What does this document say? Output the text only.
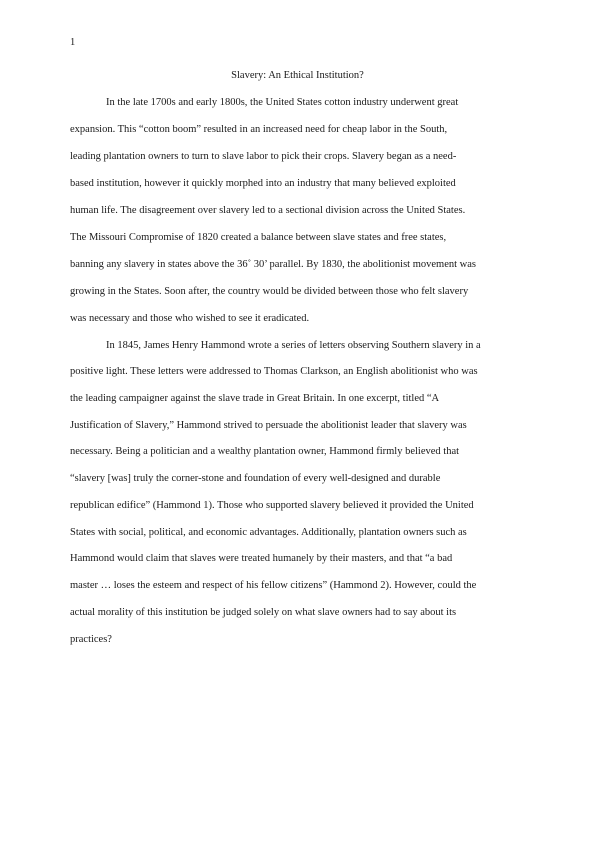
1
Slavery: An Ethical Institution?
In the late 1700s and early 1800s, the United States cotton industry underwent great
expansion. This “cotton boom” resulted in an increased need for cheap labor in the South,
leading plantation owners to turn to slave labor to pick their crops. Slavery began as a need-
based institution, however it quickly morphed into an industry that many believed exploited
human life. The disagreement over slavery led to a sectional division across the United States.
The Missouri Compromise of 1820 created a balance between slave states and free states,
banning any slavery in states above the 36˚ 30’ parallel. By 1830, the abolitionist movement was
growing in the States. Soon after, the country would be divided between those who felt slavery
was necessary and those who wished to see it eradicated.
In 1845, James Henry Hammond wrote a series of letters observing Southern slavery in a
positive light. These letters were addressed to Thomas Clarkson, an English abolitionist who was
the leading campaigner against the slave trade in Great Britain. In one excerpt, titled “A
Justification of Slavery,” Hammond strived to persuade the abolitionist leader that slavery was
necessary. Being a politician and a wealthy plantation owner, Hammond firmly believed that
“slavery [was] truly the corner-stone and foundation of every well-designed and durable
republican edifice” (Hammond 1). Those who supported slavery believed it provided the United
States with social, political, and economic advantages. Additionally, plantation owners such as
Hammond would claim that slaves were treated humanely by their masters, and that “a bad
master … loses the esteem and respect of his fellow citizens” (Hammond 2). However, could the
actual morality of this institution be judged solely on what slave owners had to say about its
practices?
